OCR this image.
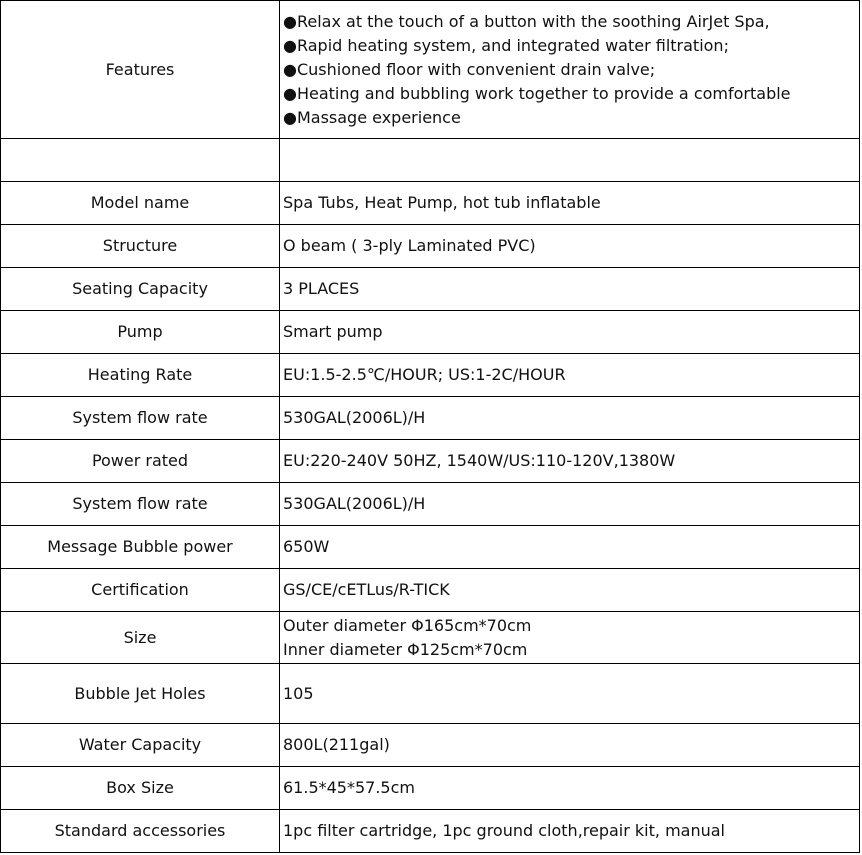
Features	●Relax at the touch of a button with the soothing AirJet Spa,
●Rapid heating system, and integrated water filtration;
●Cushioned floor with convenient drain valve;
●Heating and bubbling work together to provide a comfortable
●Massage experience

Model name	Spa Tubs, Heat Pump, hot tub inflatable
Structure	O beam ( 3-ply Laminated PVC)
Seating Capacity	3 PLACES
Pump	Smart pump
Heating Rate	EU:1.5-2.5℃/HOUR; US:1-2C/HOUR
System flow rate	530GAL(2006L)/H
Power rated	EU:220-240V 50HZ, 1540W/US:110-120V,1380W
System flow rate	530GAL(2006L)/H
Message Bubble power	650W
Certification	GS/CE/cETLus/R-TICK
Size	Outer diameter Φ165cm*70cm
Inner diameter Φ125cm*70cm

Bubble Jet Holes	105
Water Capacity	800L(211gal)
Box Size	61.5*45*57.5cm
Standard accessories	1pc filter cartridge, 1pc ground cloth,repair kit, manual
